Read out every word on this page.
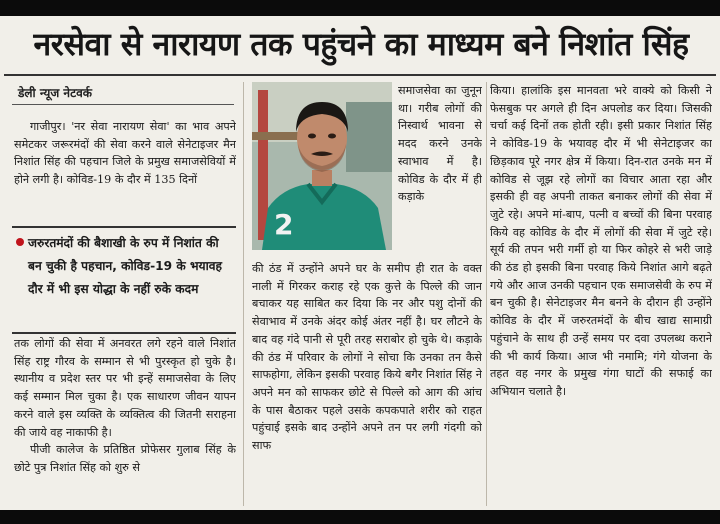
नरसेवा से नारायण तक पहुंचने का माध्यम बने निशांत सिंह
डेली न्यूज नेटवर्क

गाजीपुर। 'नर सेवा नारायण सेवा' का भाव अपने समेटकर जरूरमंदों की सेवा करने वाले सेनेटाइजर मैन निशांत सिंह की पहचान जिले के प्रमुख समाजसेवियों में होने लगी है। कोविड-19 के दौर में 135 दिनों

जरुरतमंदों की बैशाखी के रुप में निशांत की बन चुकी है पहचान, कोविड-19 के भयावह दौर में भी इस योद्धा के नहीं रुके कदम

तक लोगों की सेवा में अनवरत लगे रहने वाले निशांत सिंह राष्ट्र गौरव के सम्मान से भी पुरस्कृत हो चुके है। स्थानीय व प्रदेश स्तर पर भी इन्हें समाजसेवा के लिए कई सम्मान मिल चुका है। एक साधारण जीवन यापन करने वाले इस व्यक्ति के व्यक्तित्व की जितनी सराहना की जाये वह नाकाफी है।

पीजी कालेज के प्रतिष्ठित प्रोफेसर गुलाब सिंह के छोटे पुत्र निशांत सिंह को शुरु से

2

समाजसेवा का जुनून था। गरीब लोगों की निस्वार्थ भावना से मदद करने उनके स्वाभाव में है। कोविड के दौर में ही कड़ाके

की ठंड में उन्होंने अपने घर के समीप ही रात के वक्त नाली में गिरकर कराह रहे एक कुत्ते के पिल्ले की जान बचाकर यह साबित कर दिया कि नर और पशु दोनों की सेवाभाव में उनके अंदर कोई अंतर नहीं है। घर लौटने के बाद वह गंदे पानी से पूरी तरह सराबोर हो चुके थे। कड़ाके की ठंड में परिवार के लोगों ने सोचा कि उनका तन कैसे साफहोगा, लेकिन इसकी परवाह किये बगैर निशांत सिंह ने अपने मन को साफकर छोटे से पिल्ले को आग की आंच के पास बैठाकर पहले उसके कपकपाते शरीर को राहत पहुंचाई इसके बाद उन्होंने अपने तन पर लगी गंदगी को साफ

किया। हालांकि इस मानवता भरे वाक्ये को किसी ने फेसबुक पर अगले ही दिन अपलोड कर दिया। जिसकी चर्चा कई दिनों तक होती रही। इसी प्रकार निशांत सिंह ने कोविड-19 के भयावह दौर में भी सेनेटाइजर का छिड़काव पूरे नगर क्षेत्र में किया। दिन-रात उनके मन में कोविड से जूझ रहे लोगों का विचार आता रहा और इसकी ही वह अपनी ताकत बनाकर लोगों की सेवा में जुटे रहे। अपने मां-बाप, पत्नी व बच्चों की बिना परवाह किये वह कोविड के दौर में लोगों की सेवा में जुटे रहे। सूर्य की तपन भरी गर्मी हो या फिर कोहरे से भरी जाड़े की ठंड हो इसकी बिना परवाह किये निशांत आगे बढ़ते गये और आज उनकी पहचान एक समाजसेवी के रुप में बन चुकी है। सेनेटाइजर मैन बनने के दौरान ही उन्होंने कोविड के दौर में जरुरतमंदों के बीच खाद्य सामाग्री पहुंचाने के साथ ही उन्हें समय पर दवा उपलब्ध कराने की भी कार्य किया। आज भी नमामि; गंगे योजना के तहत वह नगर के प्रमुख गंगा घाटों की सफाई का अभियान चलाते है।
